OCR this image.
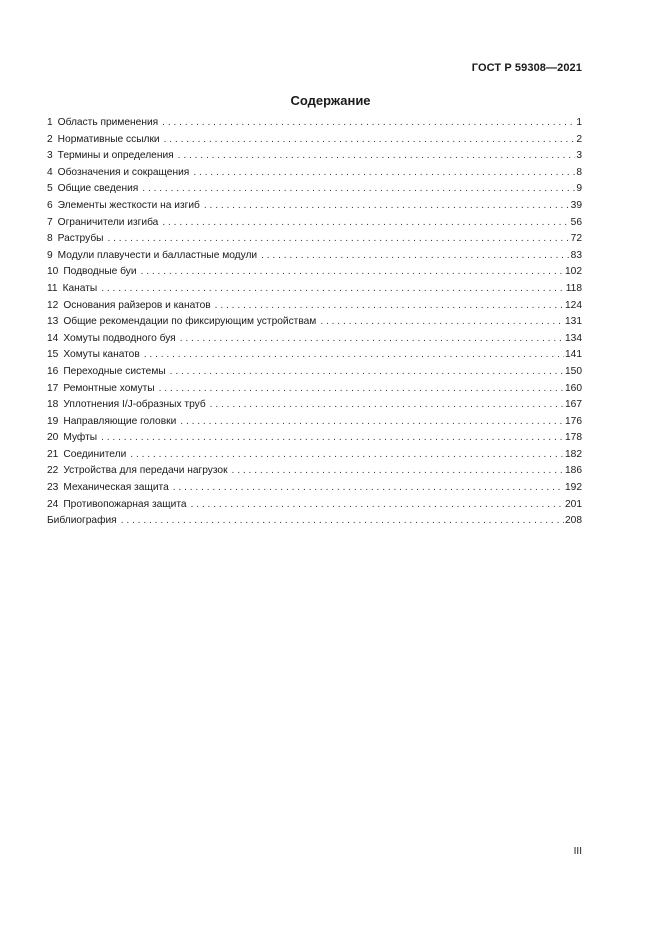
ГОСТ Р 59308—2021
Содержание
1 Область применения . . .	1
2 Нормативные ссылки . . .	2
3 Термины и определения . . .	3
4 Обозначения и сокращения . . .	8
5 Общие сведения . . .	9
6 Элементы жесткости на изгиб . . .	39
7 Ограничители изгиба . . .	56
8 Раструбы . . .	72
9 Модули плавучести и балластные модули . . .	83
10 Подводные буи . . .	102
11 Канаты . . .	118
12 Основания райзеров и канатов . . .	124
13 Общие рекомендации по фиксирующим устройствам . . .	131
14 Хомуты подводного буя . . .	134
15 Хомуты канатов . . .	141
16 Переходные системы . . .	150
17 Ремонтные хомуты . . .	160
18 Уплотнения I/J-образных труб . . .	167
19 Направляющие головки . . .	176
20 Муфты . . .	178
21 Соединители . . .	182
22 Устройства для передачи нагрузок . . .	186
23 Механическая защита . . .	192
24 Противопожарная защита . . .	201
Библиография . . .	208
III
